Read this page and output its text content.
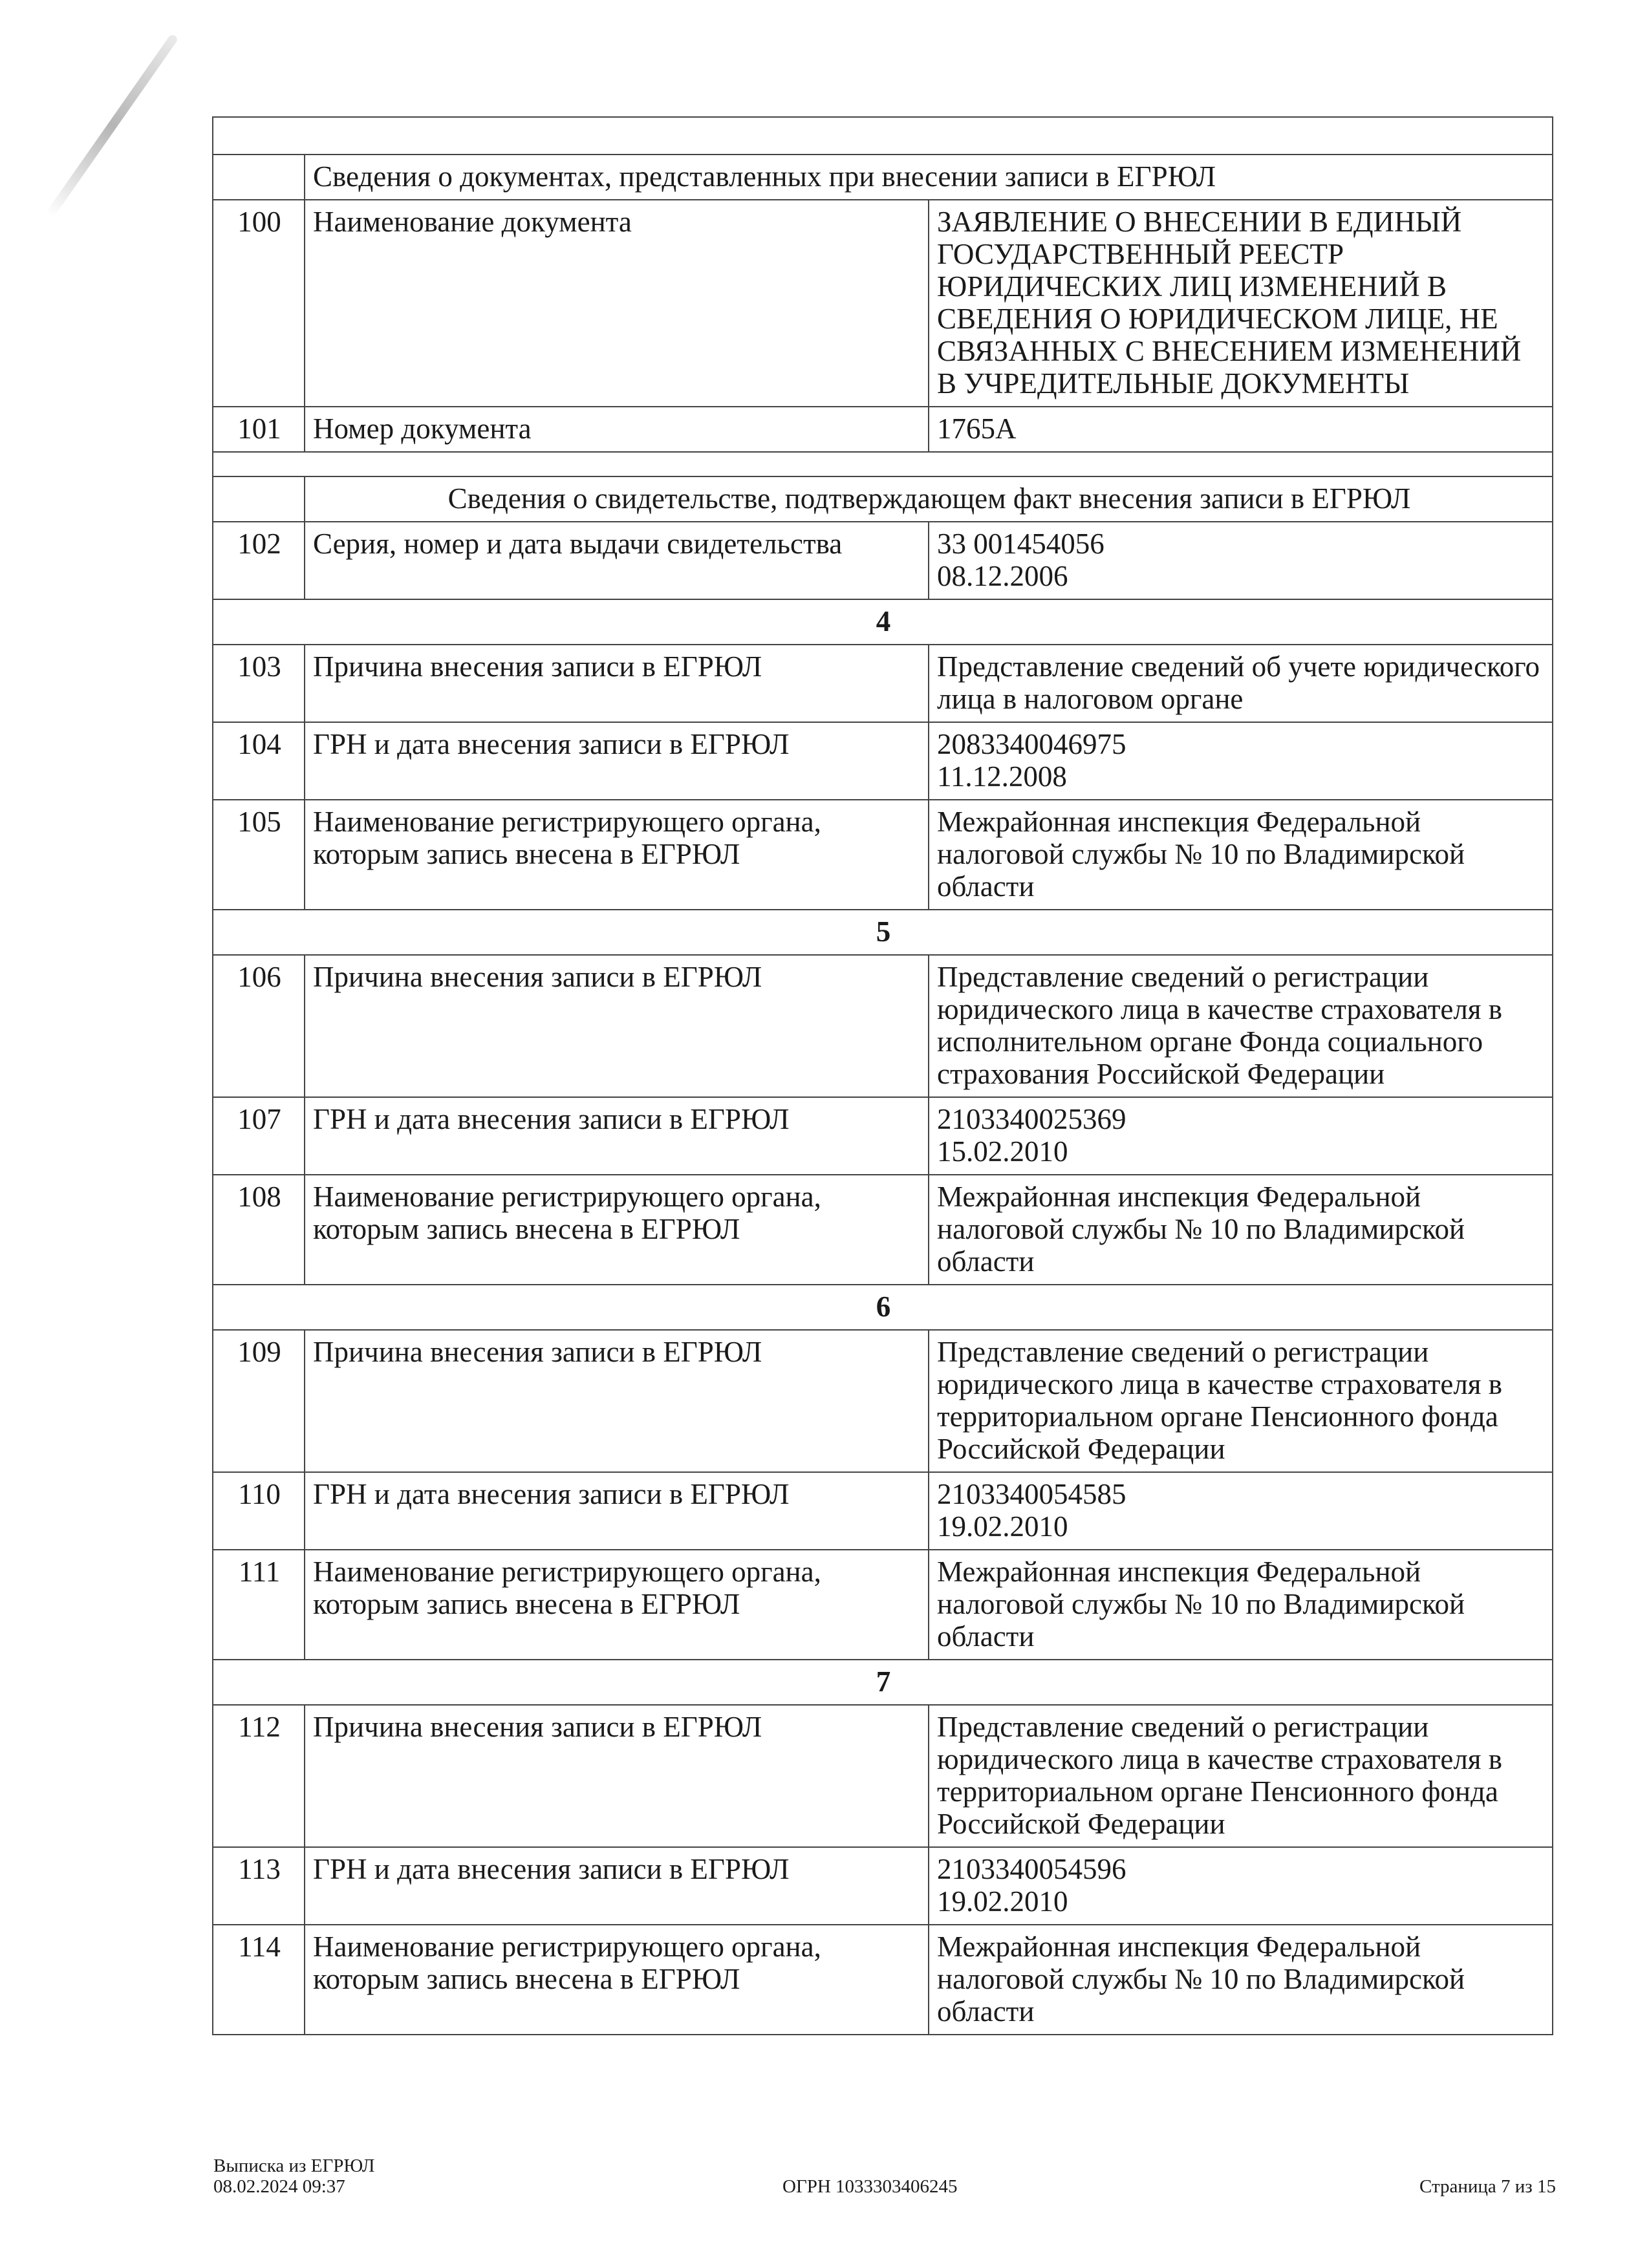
	Сведения о документах, представленных при внесении записи в ЕГРЮЛ	
100	Наименование документа	ЗАЯВЛЕНИЕ О ВНЕСЕНИИ В ЕДИНЫЙ ГОСУДАРСТВЕННЫЙ РЕЕСТР ЮРИДИЧЕСКИХ ЛИЦ ИЗМЕНЕНИЙ В СВЕДЕНИЯ О ЮРИДИЧЕСКОМ ЛИЦЕ, НЕ СВЯЗАННЫХ С ВНЕСЕНИЕМ ИЗМЕНЕНИЙ В УЧРЕДИТЕЛЬНЫЕ ДОКУМЕНТЫ
101	Номер документа	1765А

	Сведения о свидетельстве, подтверждающем факт внесения записи в ЕГРЮЛ	
102	Серия, номер и дата выдачи свидетельства	33 001454056
08.12.2006

4		
103	Причина внесения записи в ЕГРЮЛ	Представление сведений об учете юридического лица в налоговом органе
104	ГРН и дата внесения записи в ЕГРЮЛ	2083340046975
11.12.2008

105	Наименование регистрирующего органа, которым запись внесена в ЕГРЮЛ	Межрайонная инспекция Федеральной налоговой службы № 10 по Владимирской области
5		
106	Причина внесения записи в ЕГРЮЛ	Представление сведений о регистрации юридического лица в качестве страхователя в исполнительном органе Фонда социального страхования Российской Федерации
107	ГРН и дата внесения записи в ЕГРЮЛ	2103340025369
15.02.2010

108	Наименование регистрирующего органа, которым запись внесена в ЕГРЮЛ	Межрайонная инспекция Федеральной налоговой службы № 10 по Владимирской области
6		
109	Причина внесения записи в ЕГРЮЛ	Представление сведений о регистрации юридического лица в качестве страхователя в территориальном органе Пенсионного фонда Российской Федерации
110	ГРН и дата внесения записи в ЕГРЮЛ	2103340054585
19.02.2010

111	Наименование регистрирующего органа, которым запись внесена в ЕГРЮЛ	Межрайонная инспекция Федеральной налоговой службы № 10 по Владимирской области
7		
112	Причина внесения записи в ЕГРЮЛ	Представление сведений о регистрации юридического лица в качестве страхователя в территориальном органе Пенсионного фонда Российской Федерации
113	ГРН и дата внесения записи в ЕГРЮЛ	2103340054596
19.02.2010

114	Наименование регистрирующего органа, которым запись внесена в ЕГРЮЛ	Межрайонная инспекция Федеральной налоговой службы № 10 по Владимирской области
Выписка из ЕГРЮЛ
08.02.2024 09:37	ОГРН 1033303406245	Страница 7 из 15
